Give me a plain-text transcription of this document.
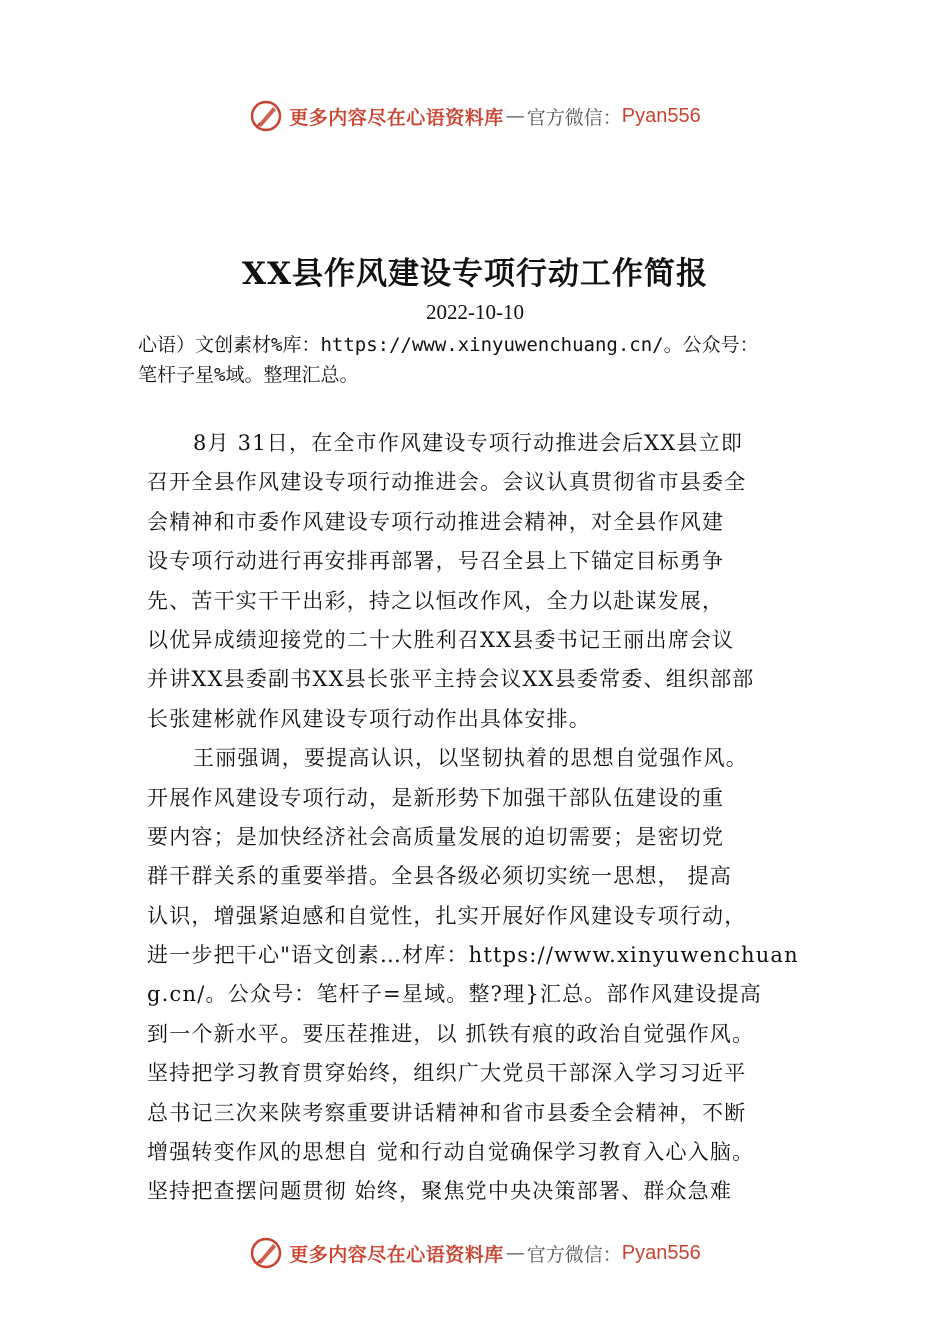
更多内容尽在心语资料库 — 官方微信： Pyan556
XX县作风建设专项行动工作简报
2022-10-10
心语）文创素材%库：https://www.xinyuwenchuang.cn/。公众号：
笔杆子星%域。整理汇总。
8月 31日，在全市作风建设专项行动推进会后XX县立即
召开全县作风建设专项行动推进会。会议认真贯彻省市县委全
会精神和市委作风建设专项行动推进会精神，对全县作风建
设专项行动进行再安排再部署，号召全县上下锚定目标勇争
先、苦干实干干出彩，持之以恒改作风，全力以赴谋发展，
以优异成绩迎接党的二十大胜利召XX县委书记王丽出席会议
并讲XX县委副书XX县长张平主持会议XX县委常委、组织部部
长张建彬就作风建设专项行动作出具体安排。
王丽强调，要提高认识，以坚韧执着的思想自觉强作风。
开展作风建设专项行动，是新形势下加强干部队伍建设的重
要内容；是加快经济社会高质量发展的迫切需要；是密切党
群干群关系的重要举措。全县各级必须切实统一思想， 提高
认识，增强紧迫感和自觉性，扎实开展好作风建设专项行动，
进一步把干心"语文创素…材库：https://www.xinyuwenchuan
g.cn/。公众号：笔杆子=星域。整?理}汇总。部作风建设提高
到一个新水平。要压茬推进，以 抓铁有痕的政治自觉强作风。
坚持把学习教育贯穿始终，组织广大党员干部深入学习习近平
总书记三次来陕考察重要讲话精神和省市县委全会精神，不断
增强转变作风的思想自 觉和行动自觉确保学习教育入心入脑。
坚持把查摆问题贯彻 始终，聚焦党中央决策部署、群众急难
更多内容尽在心语资料库 — 官方微信： Pyan556
